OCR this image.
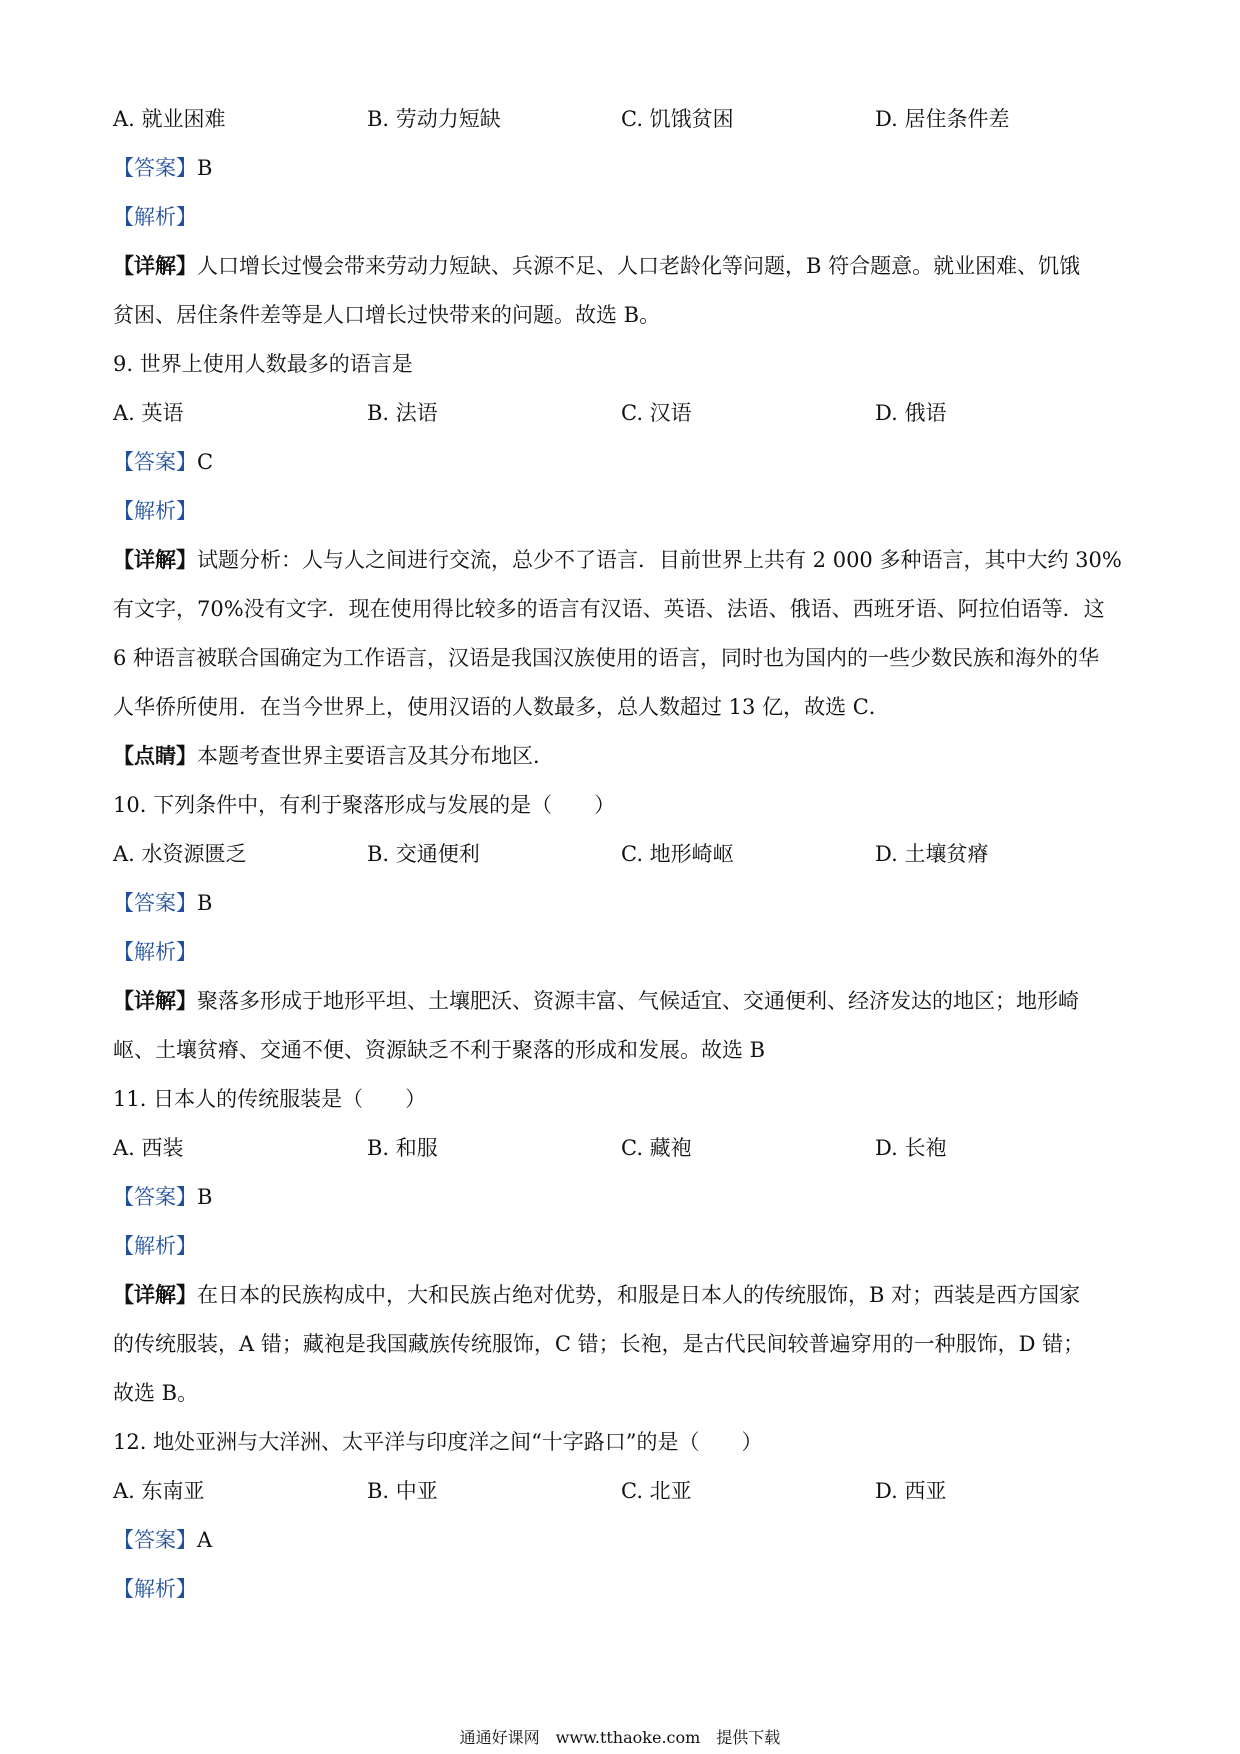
A. 就业困难	B. 劳动力短缺	C. 饥饿贫困	D. 居住条件差
【答案】B
【解析】
【详解】人口增长过慢会带来劳动力短缺、兵源不足、人口老龄化等问题，B 符合题意。就业困难、饥饿
贫困、居住条件差等是人口增长过快带来的问题。故选 B。
9. 世界上使用人数最多的语言是
A. 英语	B. 法语	C. 汉语	D. 俄语
【答案】C
【解析】
【详解】试题分析：人与人之间进行交流，总少不了语言．目前世界上共有 2 000 多种语言，其中大约 30%
有文字，70%没有文字．现在使用得比较多的语言有汉语、英语、法语、俄语、西班牙语、阿拉伯语等．这
6 种语言被联合国确定为工作语言，汉语是我国汉族使用的语言，同时也为国内的一些少数民族和海外的华
人华侨所使用．在当今世界上，使用汉语的人数最多，总人数超过 13 亿，故选 C．
【点睛】本题考查世界主要语言及其分布地区．
10. 下列条件中，有利于聚落形成与发展的是（　　）
A. 水资源匮乏	B. 交通便利	C. 地形崎岖	D. 土壤贫瘠
【答案】B
【解析】
【详解】聚落多形成于地形平坦、土壤肥沃、资源丰富、气候适宜、交通便利、经济发达的地区；地形崎
岖、土壤贫瘠、交通不便、资源缺乏不利于聚落的形成和发展。故选 B
11. 日本人的传统服装是（　　）
A. 西装	B. 和服	C. 藏袍	D. 长袍
【答案】B
【解析】
【详解】在日本的民族构成中，大和民族占绝对优势，和服是日本人的传统服饰，B 对；西装是西方国家
的传统服装，A 错；藏袍是我国藏族传统服饰，C 错；长袍，是古代民间较普遍穿用的一种服饰，D 错；
故选 B。
12. 地处亚洲与大洋洲、太平洋与印度洋之间“十字路口”的是（　　）
A. 东南亚	B. 中亚	C. 北亚	D. 西亚
【答案】A
【解析】
通通好课网　www.tthaoke.com　提供下载
